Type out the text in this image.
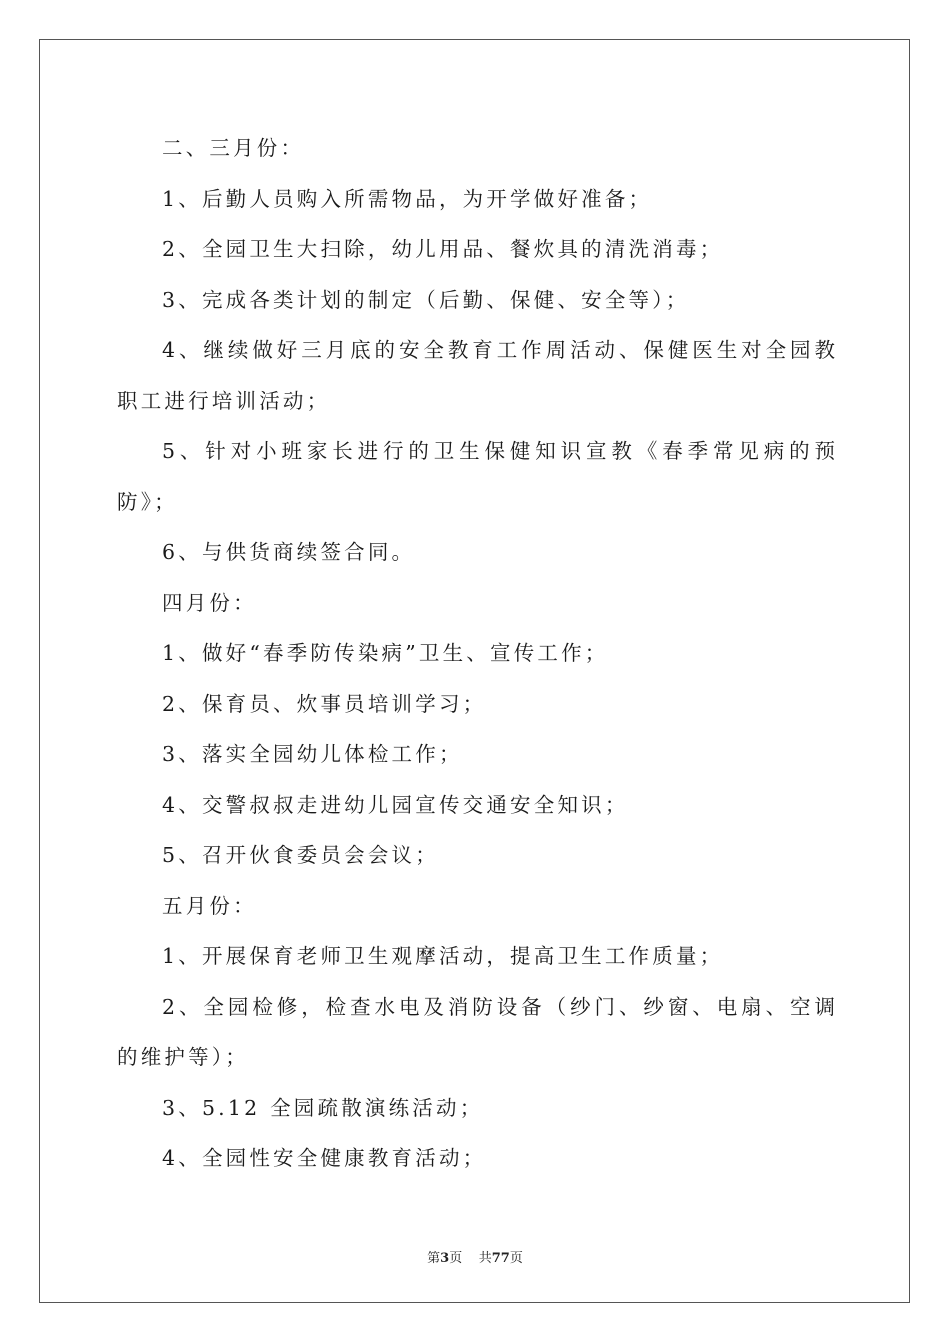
二、三月份：
1、后勤人员购入所需物品，为开学做好准备；
2、全园卫生大扫除，幼儿用品、餐炊具的清洗消毒；
3、完成各类计划的制定（后勤、保健、安全等）；
4、继续做好三月底的安全教育工作周活动、保健医生对全园教
职工进行培训活动；
5、针对小班家长进行的卫生保健知识宣教《春季常见病的预
防》；
6、与供货商续签合同。
四月份：
1、做好“春季防传染病”卫生、宣传工作；
2、保育员、炊事员培训学习；
3、落实全园幼儿体检工作；
4、交警叔叔走进幼儿园宣传交通安全知识；
5、召开伙食委员会会议；
五月份：
1、开展保育老师卫生观摩活动，提高卫生工作质量；
2、全园检修，检查水电及消防设备（纱门、纱窗、电扇、空调
的维护等）；
3、5.12 全园疏散演练活动；
4、全园性安全健康教育活动；
第3页 共77页
